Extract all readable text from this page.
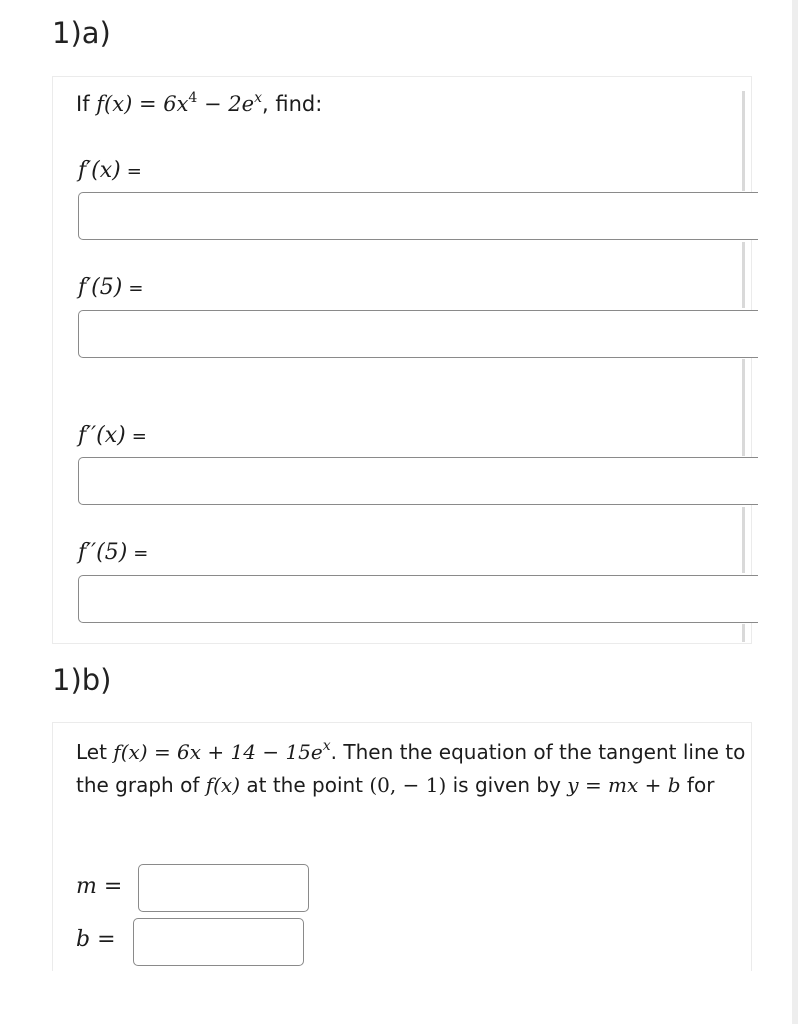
1)a)
If $f(x) = 6x^4 - 2e^x$, find:
f′(x) =
f′(5) =
f′′(x) =
f′′(5) =
1)b)
Let $f(x) = 6x + 14 - 15e^x$. Then the equation of the tangent line to the graph of f(x) at the point (0, − 1) is given by y = mx + b for
m =
b =
